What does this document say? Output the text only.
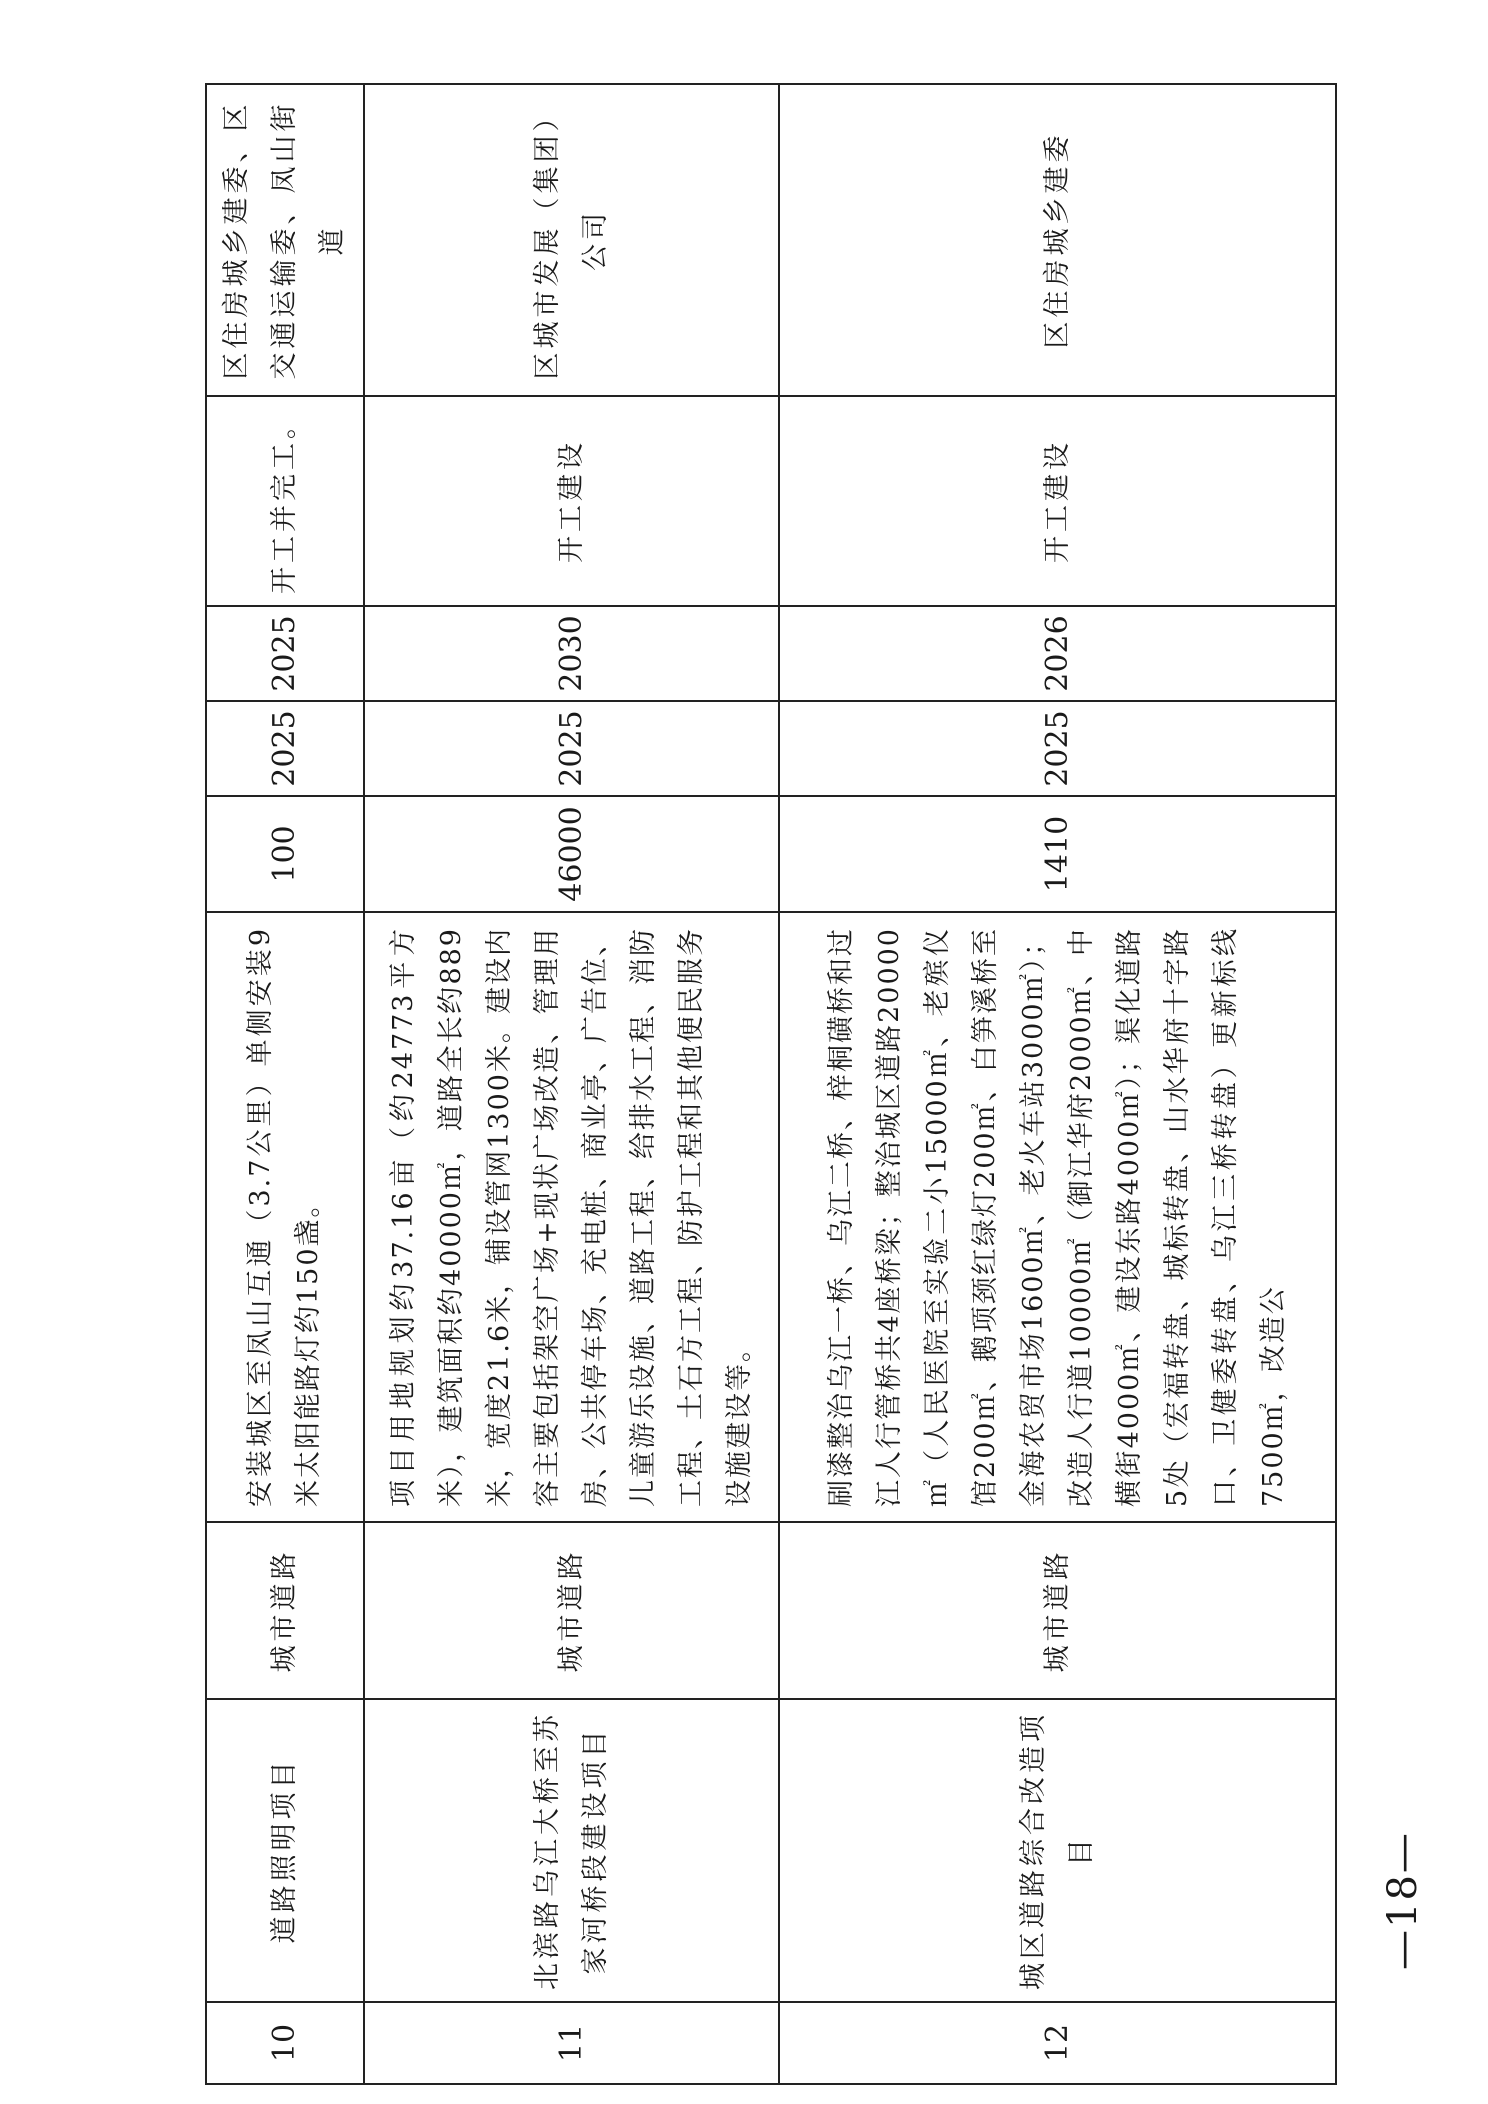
10	道路照明项目	城市道路	安装城区至凤山互通（3.7公里）单侧安装9米太阳能路灯约150盏。	100	2025	2025	开工并完工。	区住房城乡建委、区交通运输委、凤山街道
11	北滨路乌江大桥至苏家河桥段建设项目	城市道路	项目用地规划约37.16亩（约24773平方米），建筑面积约40000㎡，道路全长约889米，宽度21.6米，铺设管网1300米。建设内容主要包括架空广场+现状广场改造、管理用房、公共停车场、充电桩、商业亭、广告位、儿童游乐设施、道路工程、给排水工程、消防工程、土石方工程、防护工程和其他便民服务设施建设等。	46000	2025	2030	开工建设	区城市发展（集团）公司
12	城区道路综合改造项目	城市道路	刷漆整治乌江一桥、乌江二桥、梓桐磺桥和过江人行管桥共4座桥梁；整治城区道路20000㎡（人民医院至实验二小15000㎡、老殡仪馆200㎡、鹅项颈红绿灯200㎡、白笋溪桥至金海农贸市场1600㎡、老火车站3000㎡）；改造人行道10000㎡（御江华府2000㎡、中横街4000㎡、建设东路4000㎡）；渠化道路5处（宏福转盘、城标转盘、山水华府十字路口、卫健委转盘、乌江三桥转盘）更新标线7500㎡，改造公	1410	2025	2026	开工建设	区住房城乡建委
—18—
